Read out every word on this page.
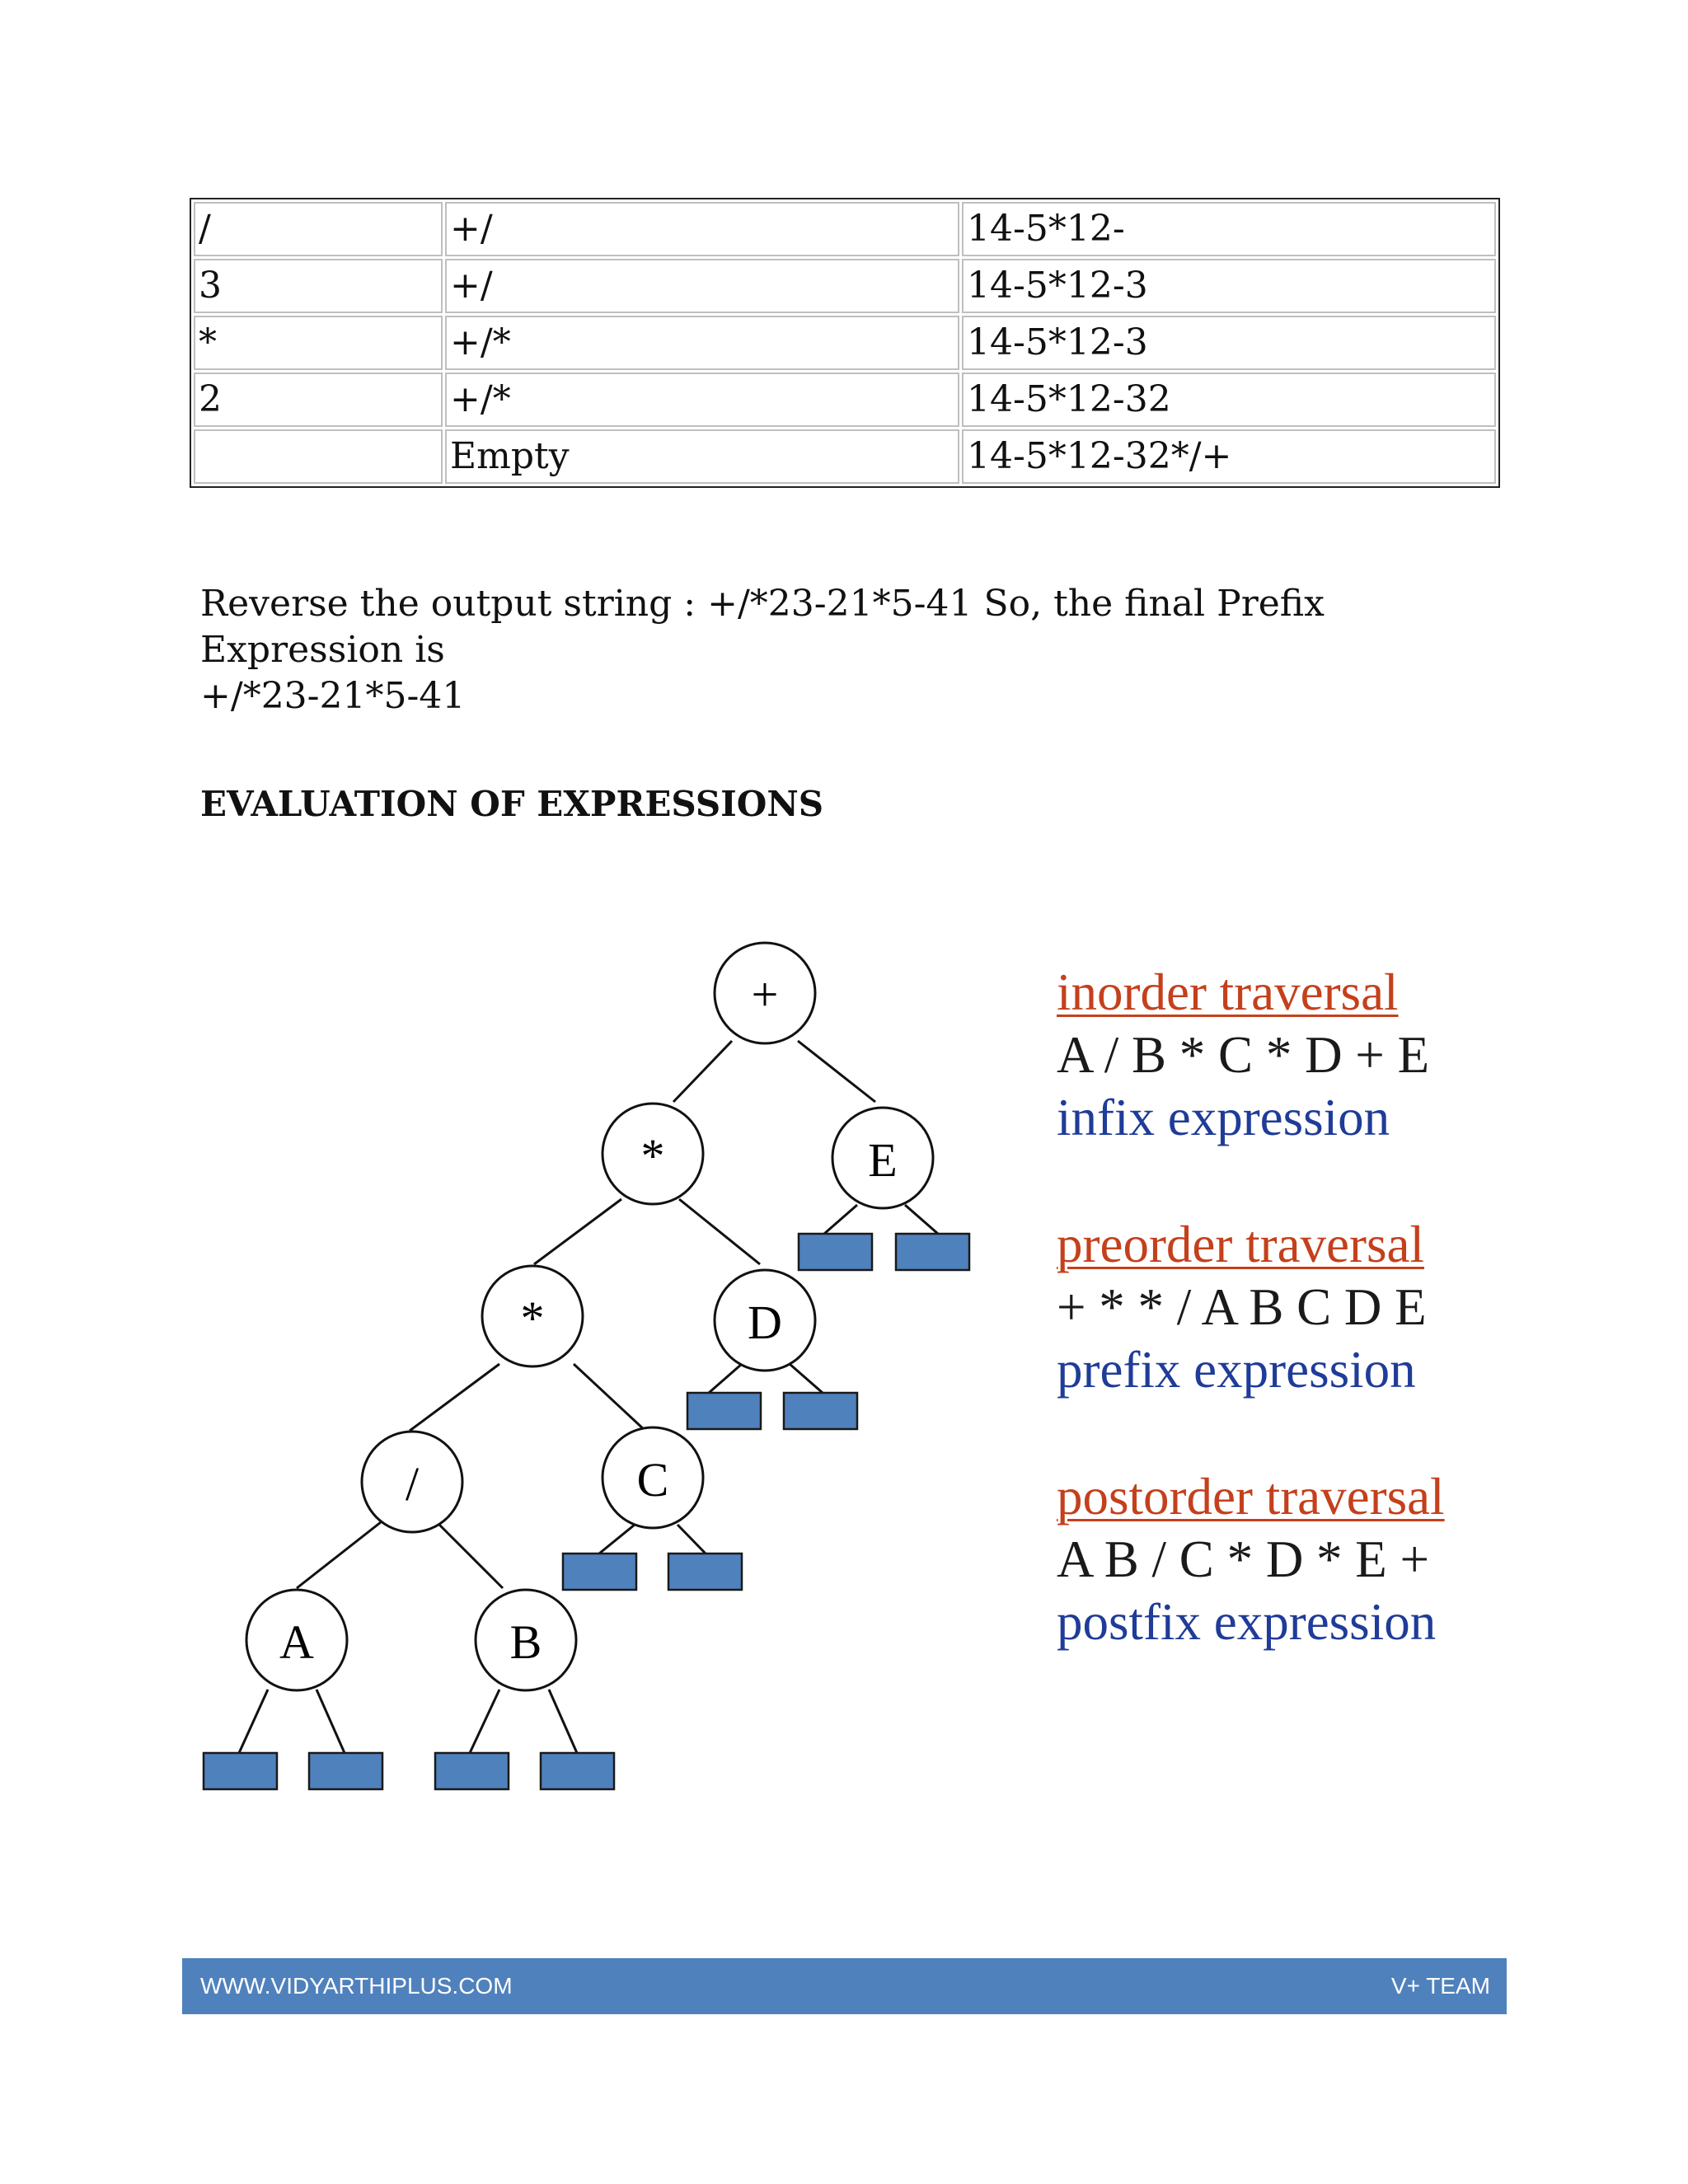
/	+/	14-5*12-
3	+/	14-5*12-3
*	+/*	14-5*12-3
2	+/*	14-5*12-32
	Empty	14-5*12-32*/+
Reverse the output string : +/*23-21*5-41 So, the final Prefix Expression is
+/*23-21*5-41
EVALUATION OF EXPRESSIONS
+
*	E
*	D
/	C
A	B
inorder traversal
A / B * C * D + E
infix expression
preorder traversal
+ * * / A B C D E
prefix expression
postorder traversal
A B / C * D * E +
postfix expression
WWW.VIDYARTHIPLUS.COM	V+ TEAM
